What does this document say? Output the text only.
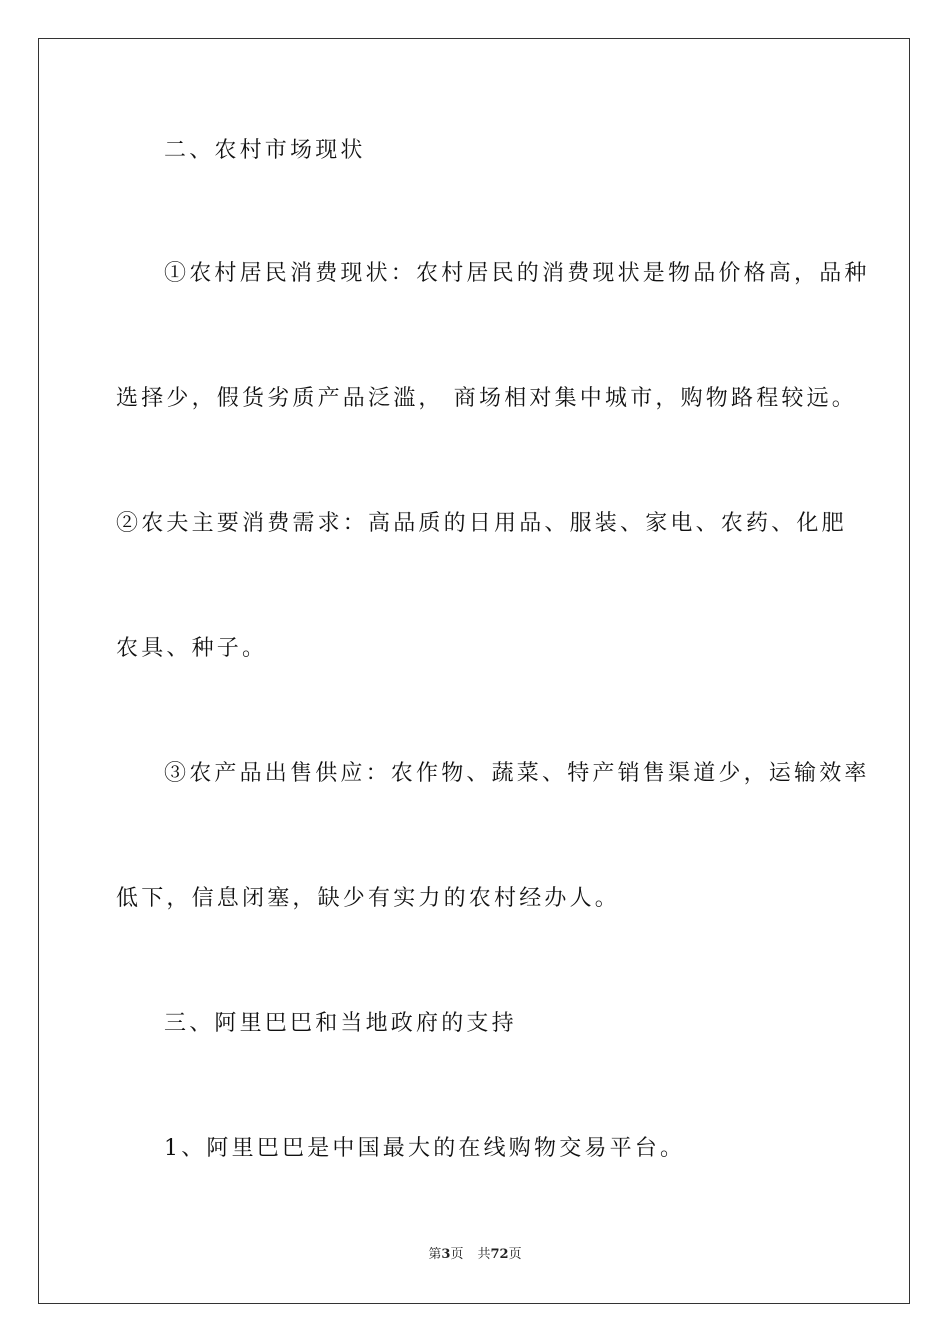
二、农村市场现状
①农村居民消费现状：农村居民的消费现状是物品价格高，品种
选择少，假货劣质产品泛滥， 商场相对集中城市，购物路程较远。
②农夫主要消费需求：高品质的日用品、服装、家电、农药、化肥
农具、种子。
③农产品出售供应：农作物、蔬菜、特产销售渠道少，运输效率
低下，信息闭塞，缺少有实力的农村经办人。
三、阿里巴巴和当地政府的支持
1、阿里巴巴是中国最大的在线购物交易平台。
第3页 共72页
